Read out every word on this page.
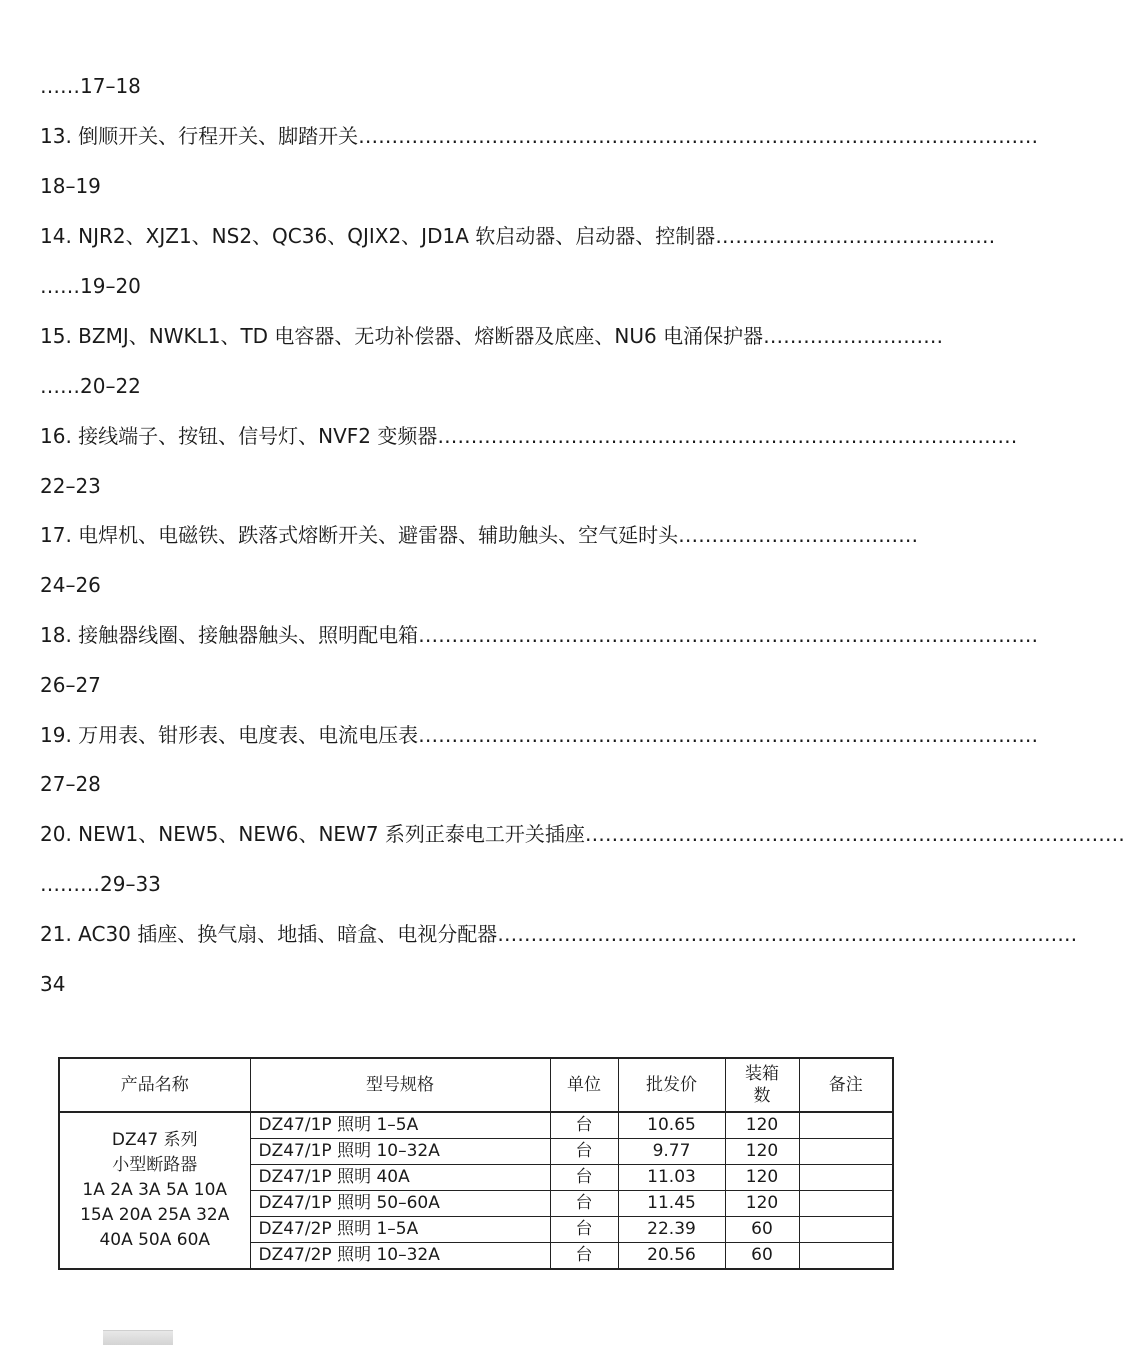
……17–18
13. 倒顺开关、行程开关、脚踏开关 …………………………………………………………………………………………
18–19
14. NJR2、XJZ1、NS2、QC36、QJIX2、JD1A 软启动器、启动器、控制器 ……………………………………
……19–20
15. BZMJ、NWKL1、TD 电容器、无功补偿器、熔断器及底座、NU6 电涌保护器 ………………………
……20–22
16. 接线端子、按钮、信号灯、NVF2 变频器 ……………………………………………………………………………
22–23
17. 电焊机、电磁铁、跌落式熔断开关、避雷器、辅助触头、空气延时头 ………………………………
24–26
18. 接触器线圈、接触器触头、照明配电箱 …………………………………………………………………………………
26–27
19. 万用表、钳形表、电度表、电流电压表 …………………………………………………………………………………
27–28
20. NEW1、NEW5、NEW6、NEW7 系列正泰电工开关插座 ………………………………………………………………………
………29–33
21. AC30 插座、换气扇、地插、暗盒、电视分配器 ……………………………………………………………………………
34
产品名称	型号规格	单位	批发价	装箱数	备注

DZ47 系列
小型断路器
1A 2A 3A 5A 10A
15A 20A 25A 32A
40A 50A 60A	DZ47/1P 照明 1–5A	台	10.65	120	
	DZ47/1P 照明 10–32A	台	9.77	120	
	DZ47/1P 照明 40A	台	11.03	120	
	DZ47/1P 照明 50–60A	台	11.45	120	
	DZ47/2P 照明 1–5A	台	22.39	60	
	DZ47/2P 照明 10–32A	台	20.56	60	
